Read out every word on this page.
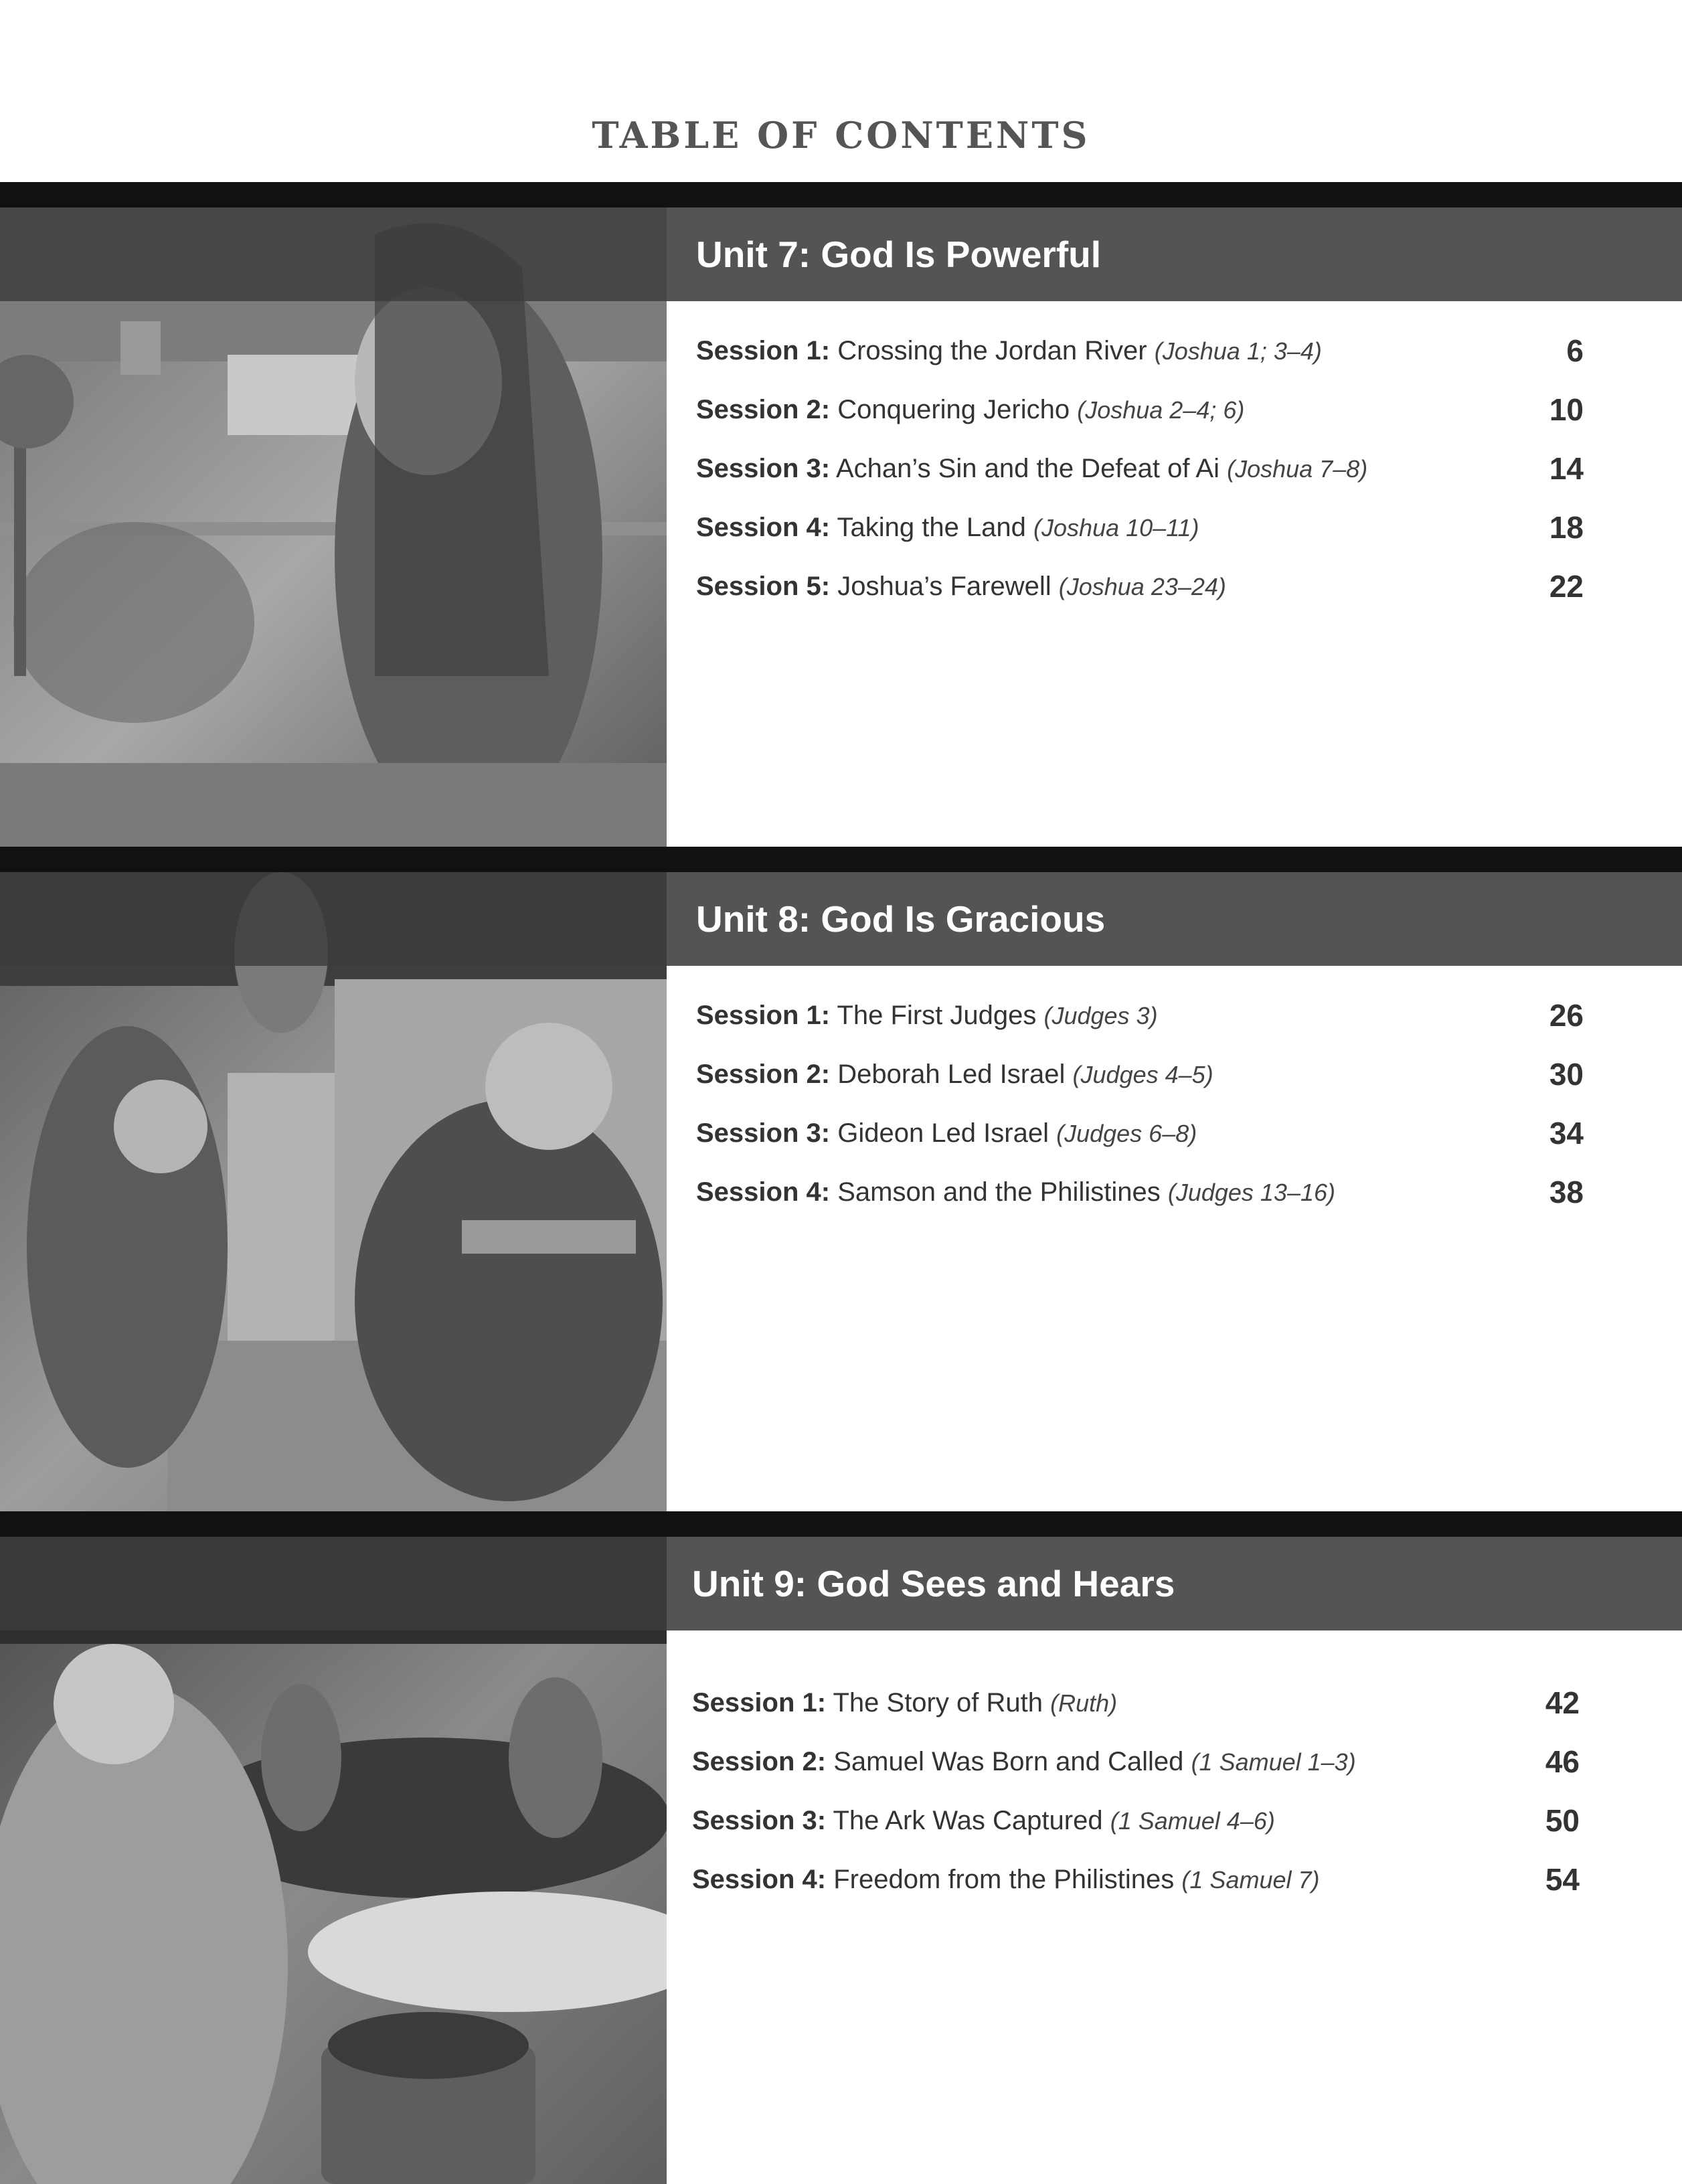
TABLE OF CONTENTS
Unit 7: God Is Powerful
Session 1: Crossing the Jordan River (Joshua 1; 3–4)	6
Session 2: Conquering Jericho (Joshua 2–4; 6)	10
Session 3: Achan’s Sin and the Defeat of Ai (Joshua 7–8)	14
Session 4: Taking the Land (Joshua 10–11)	18
Session 5: Joshua’s Farewell (Joshua 23–24)	22
Unit 8: God Is Gracious
Session 1: The First Judges (Judges 3)	26
Session 2: Deborah Led Israel (Judges 4–5)	30
Session 3: Gideon Led Israel (Judges 6–8)	34
Session 4: Samson and the Philistines (Judges 13–16)	38
Unit 9: God Sees and Hears
Session 1: The Story of Ruth (Ruth)	42
Session 2: Samuel Was Born and Called (1 Samuel 1–3)	46
Session 3: The Ark Was Captured (1 Samuel 4–6)	50
Session 4: Freedom from the Philistines (1 Samuel 7)	54
